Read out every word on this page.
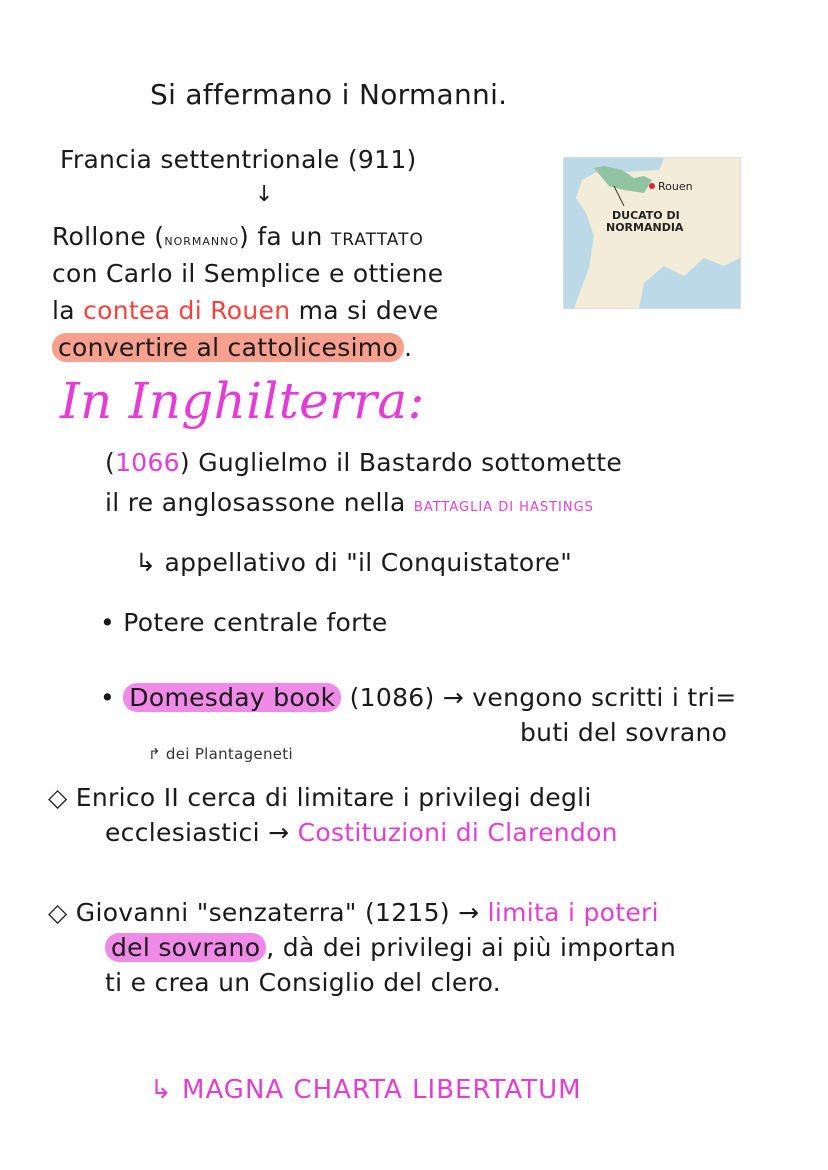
Si affermano i Normanni.
Francia settentrionale (911)
↓
Rollone (NORMANNO) fa un TRATTATO
con Carlo il Semplice e ottiene
la contea di Rouen ma si deve
convertire al cattolicesimo .
Rouen
DUCATO DI
NORMANDIA
In Inghilterra:
(1066) Guglielmo il Bastardo sottomette
il re anglosassone nella BATTAGLIA DI HASTINGS
↳ appellativo di "il Conquistatore"
• Potere centrale forte
• Domesday book (1086) → vengono scritti i tri=
buti del sovrano
↱ dei Plantageneti
◇ Enrico II cerca di limitare i privilegi degli
ecclesiastici → Costituzioni di Clarendon
◇ Giovanni "senzaterra" (1215) → limita i poteri
del sovrano , dà dei privilegi ai più importan
ti e crea un Consiglio del clero.
↳ MAGNA CHARTA LIBERTATUM
